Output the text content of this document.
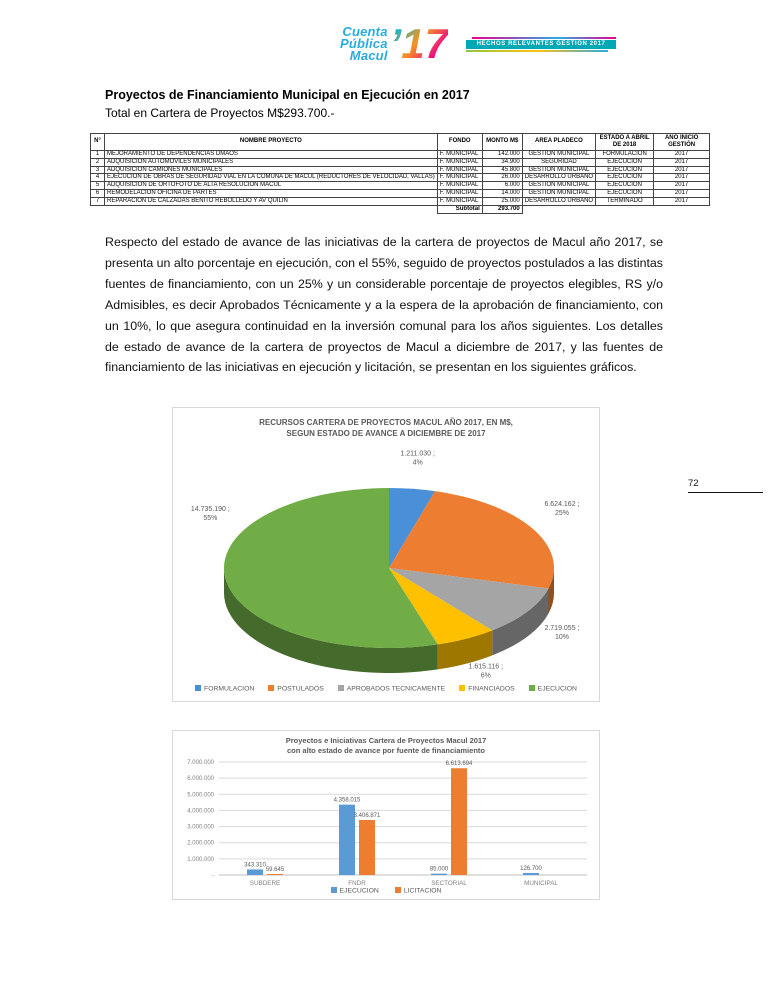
Cuenta
Pública
Macul ’17	HECHOS RELEVANTES GESTIÓN 2017
Proyectos de Financiamiento Municipal en Ejecución en 2017
Total en Cartera de Proyectos M$293.700.-
N°	NOMBRE PROYECTO	FONDO	MONTO M$	AREA PLADECO	ESTADO A ABRIL DE 2018	AÑO INICIO GESTIÓN
1	MEJORAMIENTO DE DEPENDENCIAS DMAOS	F. MUNICIPAL	142.000	GESTIÓN MUNICIPAL	FORMULACIÓN	2017
2	ADQUISICIÓN AUTOMÓVILES MUNICIPALES	F. MUNICIPAL	34.900	SEGURIDAD	EJECUCIÓN	2017
3	ADQUISICIÓN CAMIONES MUNICIPALES	F. MUNICIPAL	45.800	GESTIÓN MUNICIPAL	EJECUCIÓN	2017
4	EJECUCIÓN DE OBRAS DE SEGURIDAD VIAL EN LA COMUNA DE MACUL (REDUCTORES DE VELOCIDAD, VALLAS)	F. MUNICIPAL	26.000	DESARROLLO URBANO	EJECUCIÓN	2017
5	ADQUISICIÓN DE ORTOFOTO DE ALTA RESOLUCIÓN MACUL	F. MUNICIPAL	6.000	GESTIÓN MUNICIPAL	EJECUCIÓN	2017
6	REMODELACIÓN OFICINA DE PARTES	F. MUNICIPAL	14.000	GESTIÓN MUNICIPAL	EJECUCIÓN	2017
7	REPARACIÓN DE CALZADAS BENITO REBOLLEDO Y AV QUILIN	F. MUNICIPAL	25.000	DESARROLLO URBANO	TERMINADO	2017
		Subtotal	293.700			

Respecto del estado de avance de las iniciativas de la cartera de proyectos de Macul año 2017, se presenta un alto porcentaje en ejecución, con el 55%, seguido de proyectos postulados a las distintas fuentes de financiamiento, con un 25% y un considerable porcentaje de proyectos elegibles, RS y/o Admisibles, es decir Aprobados Técnicamente y a la espera de la aprobación de financiamiento, con un 10%, lo que asegura continuidad en la inversión comunal para los años siguientes. Los detalles de estado de avance de la cartera de proyectos de Macul a diciembre de 2017, y las fuentes de financiamiento de las iniciativas en ejecución y licitación, se presentan en los siguientes gráficos.

72
RECURSOS CARTERA DE PROYECTOS MACUL AÑO 2017, EN M$,
SEGUN ESTADO DE AVANCE A DICIEMBRE DE 2017
1.211.030 ;
4%
6.624.162 ;
25%
2.719.055 ;
10%
1.615.116 ;
6%
14.735.190 ;
55%
FORMULACION	POSTULADOS	APROBADOS TECNICAMENTE	FINANCIADOS	EJECUCION
Proyectos e Iniciativas Cartera de Proyectos Macul 2017
con alto estado de avance por fuente de financiamiento
-
1.000.000
2.000.000
3.000.000
4.000.000
5.000.000
6.000.000
7.000.000
SUBDERE
343.310
59.645
FNDR
4.358.015
3.406.871
SECTORIAL
85.000
6.613.694
MUNICIPAL
126.700
EJECUCION	LICITACION
